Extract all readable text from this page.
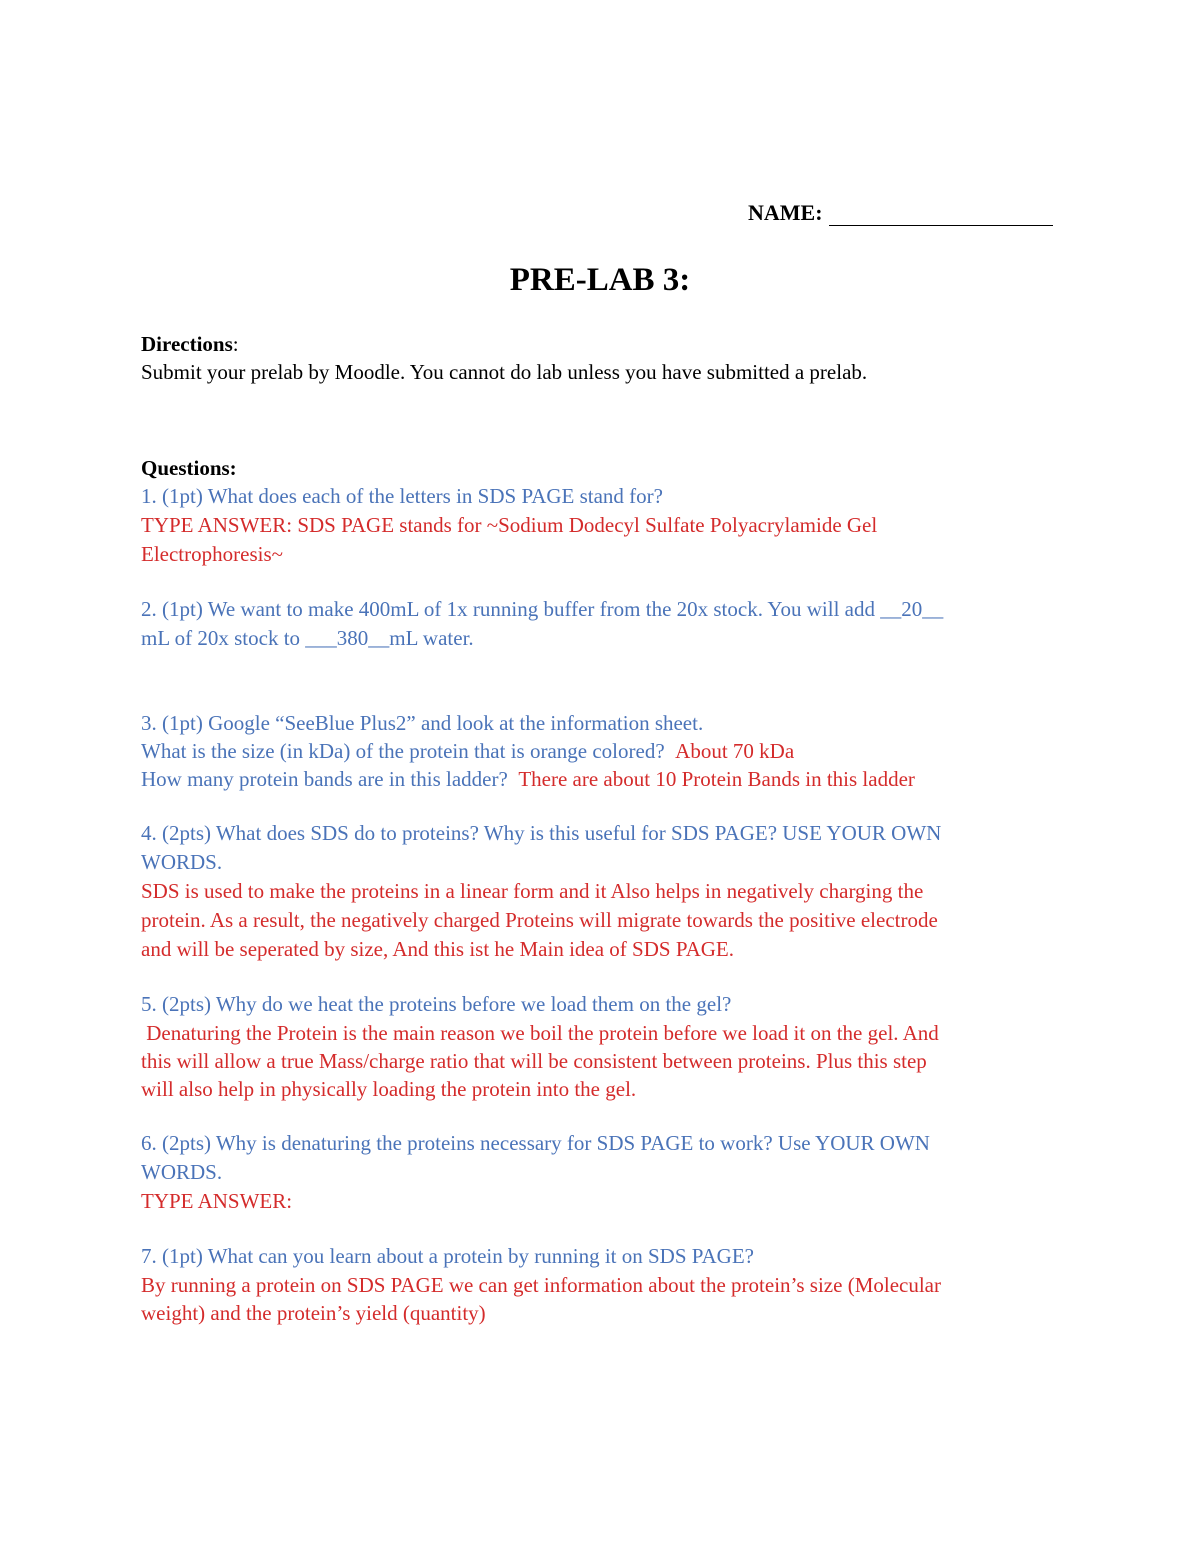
NAME:
PRE-LAB 3:

Directions:

Submit your prelab by Moodle. You cannot do lab unless you have submitted a prelab.

Questions:

1. (1pt) What does each of the letters in SDS PAGE stand for?

TYPE ANSWER: SDS PAGE stands for ~Sodium Dodecyl Sulfate Polyacrylamide Gel

Electrophoresis~

2. (1pt) We want to make 400mL of 1x running buffer from the 20x stock. You will add __20__

mL of 20x stock to ___380__mL water.

3. (1pt) Google “SeeBlue Plus2” and look at the information sheet.

What is the size (in kDa) of the protein that is orange colored? About 70 kDa

How many protein bands are in this ladder? There are about 10 Protein Bands in this ladder

4. (2pts) What does SDS do to proteins? Why is this useful for SDS PAGE? USE YOUR OWN

WORDS.

SDS is used to make the proteins in a linear form and it Also helps in negatively charging the

protein. As a result, the negatively charged Proteins will migrate towards the positive electrode

and will be seperated by size, And this ist he Main idea of SDS PAGE.

5. (2pts) Why do we heat the proteins before we load them on the gel?

Denaturing the Protein is the main reason we boil the protein before we load it on the gel. And

this will allow a true Mass/charge ratio that will be consistent between proteins. Plus this step

will also help in physically loading the protein into the gel.

6. (2pts) Why is denaturing the proteins necessary for SDS PAGE to work? Use YOUR OWN

WORDS.

TYPE ANSWER:

7. (1pt) What can you learn about a protein by running it on SDS PAGE?

By running a protein on SDS PAGE we can get information about the protein’s size (Molecular

weight) and the protein’s yield (quantity)
